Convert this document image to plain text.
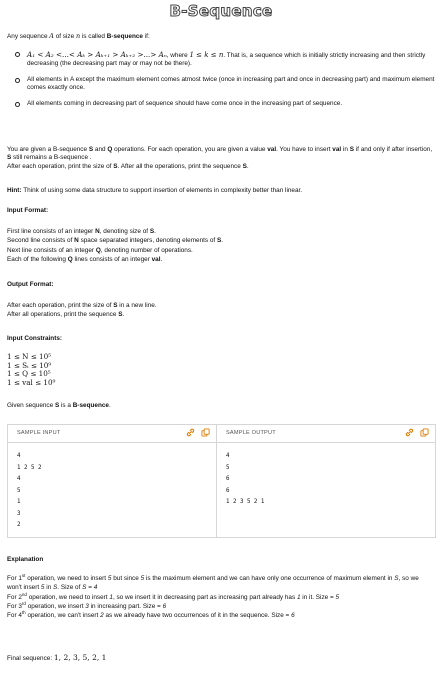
B-Sequence
Any sequence A of size n is called B-sequence if:
A₁ < A₂ <...< Aₖ > Aₖ₊₁ > Aₖ₊₂ >...> Aₙ, where 1 ≤ k ≤ n. That is, a sequence which is initially strictly increasing and then strictly decreasing (the decreasing part may or may not be there).
All elements in A except the maximum element comes atmost twice (once in increasing part and once in decreasing part) and maximum element comes exactly once.
All elements coming in decreasing part of sequence should have come once in the increasing part of sequence.
You are given a B-sequence S and Q operations. For each operation, you are given a value val. You have to insert val in S if and only if after insertion, S still remains a B-sequence .
After each operation, print the size of S. After all the operations, print the sequence S.
Hint: Think of using some data structure to support insertion of elements in complexity better than linear.
Input Format:
First line consists of an integer N, denoting size of S.
Second line consists of N space separated integers, denoting elements of S.
Next line consists of an integer Q, denoting number of operations.
Each of the following Q lines consists of an integer val.
Output Format:
After each operation, print the size of S in a new line.
After all operations, print the sequence S.
Input Constraints:
1 ≤ N ≤ 10⁵
1 ≤ Sᵢ ≤ 10⁹
1 ≤ Q ≤ 10⁵
1 ≤ val ≤ 10⁹
Given sequence S is a B-sequence.
SAMPLE INPUT

4
1 2 5 2
4
5
1
3
2
SAMPLE OUTPUT

4
5
6
6
1 2 3 5 2 1
Explanation
For 1st operation, we need to insert 5 but since 5 is the maximum element and we can have only one occurrence of maximum element in S, so we won't insert 5 in S. Size of S = 4
For 2nd operation, we need to insert 1, so we insert it in decreasing part as increasing part already has 1 in it. Size = 5
For 3rd operation, we insert 3 in increasing part. Size = 6
For 4th operation, we can't insert 2 as we already have two occurrences of it in the sequence. Size = 6
Final sequence: 1, 2, 3, 5, 2, 1
